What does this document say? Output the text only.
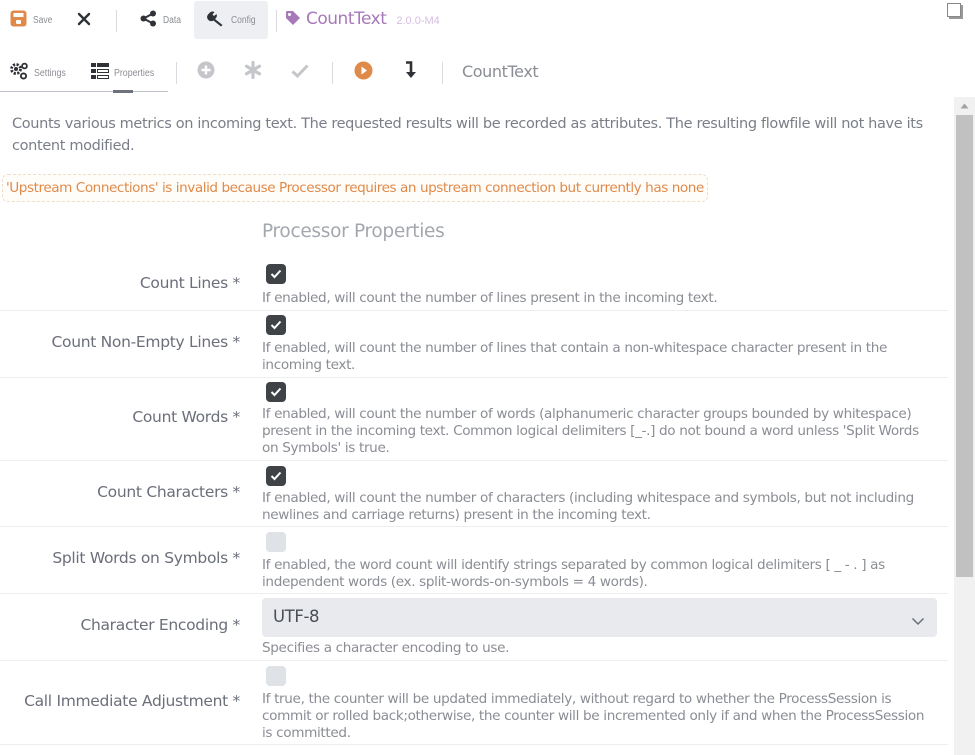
Save	Data	Config	CountText 2.0.0-M4
Settings	Properties	CountText
Counts various metrics on incoming text. The requested results will be recorded as attributes. The resulting flowfile will not have its content modified.
'Upstream Connections' is invalid because Processor requires an upstream connection but currently has none
Processor Properties
Count Lines *
If enabled, will count the number of lines present in the incoming text.
Count Non-Empty Lines * If enabled, will count the number of lines that contain a non-whitespace character present in the incoming text.
Count Words * If enabled, will count the number of words (alphanumeric character groups bounded by whitespace) present in the incoming text. Common logical delimiters [_-.] do not bound a word unless 'Split Words on Symbols' is true.
Count Characters * If enabled, will count the number of characters (including whitespace and symbols, but not including newlines and carriage returns) present in the incoming text.
Split Words on Symbols * If enabled, the word count will identify strings separated by common logical delimiters [ _ - . ] as independent words (ex. split-words-on-symbols = 4 words).
Character Encoding * UTF-8
Specifies a character encoding to use.
Call Immediate Adjustment * If true, the counter will be updated immediately, without regard to whether the ProcessSession is commit or rolled back;otherwise, the counter will be incremented only if and when the ProcessSession is committed.
